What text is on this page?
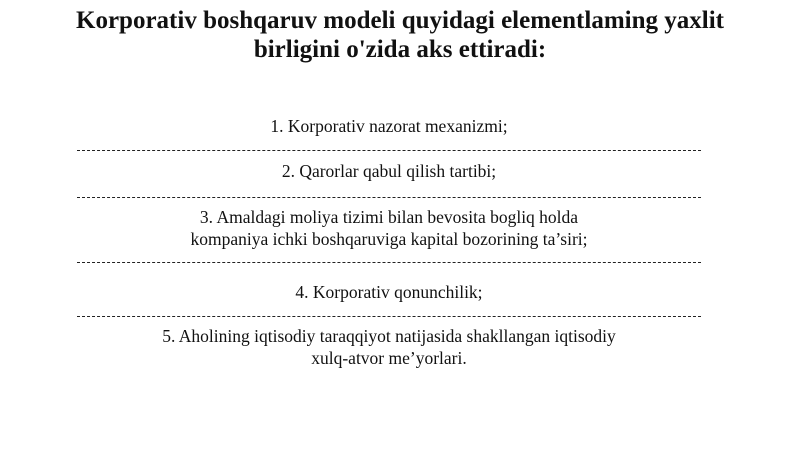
Korporativ boshqaruv modeli quyidagi elementlaming yaxlit
birligini o'zida aks ettiradi:
1. Korporativ nazorat mexanizmi;
2. Qarorlar qabul qilish tartibi;
3. Amaldagi moliya tizimi bilan bevosita bogliq holda
kompaniya ichki boshqaruviga kapital bozorining ta’siri;
4. Korporativ qonunchilik;
5. Aholining iqtisodiy taraqqiyot natijasida shakllangan iqtisodiy
xulq-atvor me’yorlari.
